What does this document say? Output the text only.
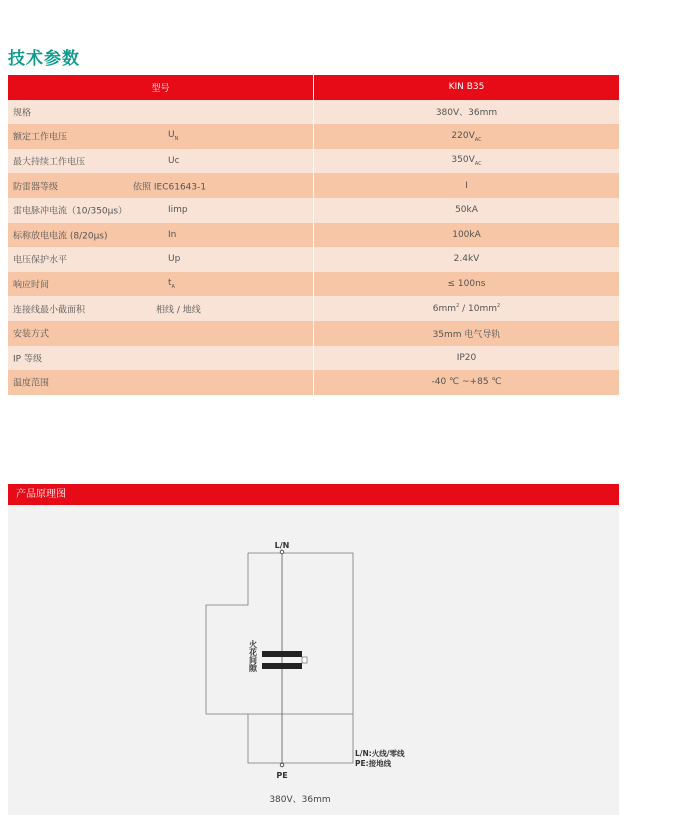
技术参数
型号	KIN B35

规格	380V、36mm

额定工作电压 $U_N$	$220V_{AC}$

最大持续工作电压 Uc	$350V_{AC}$

防雷器等级 依照 IEC61643-1	I

雷电脉冲电流（10/350μs） Iimp	50kA

标称放电电流 (8/20μs) In	100kA

电压保护水平 Up	2.4kV

响应时间 $t_A$	≤ 100ns

连接线最小截面积 相线 / 地线	$6mm^2 / 10mm^2$

安装方式	35mm 电气导轨

IP 等级	IP20

温度范围	-40 ℃ ~+85 ℃
产品原理图
L/N
PE
火花间隙
L/N:火线/零线
PE:接地线
380V、36mm
